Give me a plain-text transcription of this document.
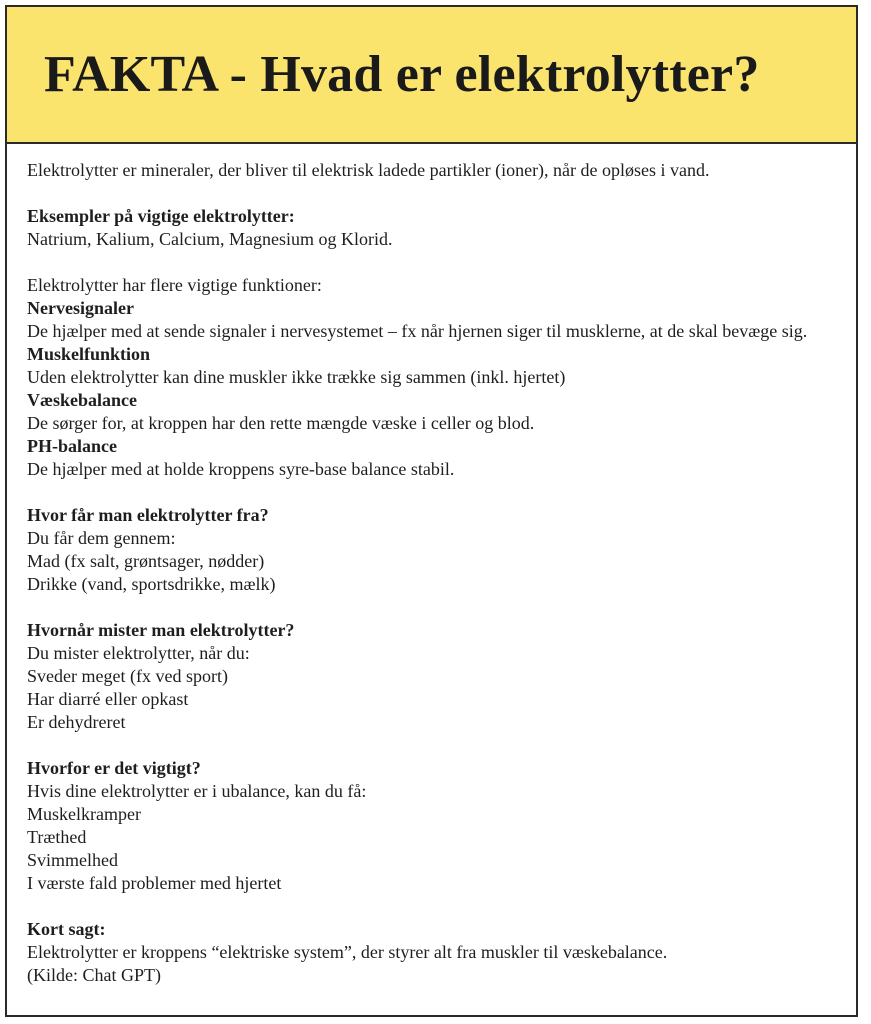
FAKTA - Hvad er elektrolytter?

Elektrolytter er mineraler, der bliver til elektrisk ladede partikler (ioner), når de opløses i vand.

Eksempler på vigtige elektrolytter:

Natrium, Kalium, Calcium, Magnesium og Klorid.

Elektrolytter har flere vigtige funktioner:

Nervesignaler

De hjælper med at sende signaler i nervesystemet – fx når hjernen siger til musklerne, at de skal bevæge sig.

Muskelfunktion

Uden elektrolytter kan dine muskler ikke trække sig sammen (inkl. hjertet)

Væskebalance

De sørger for, at kroppen har den rette mængde væske i celler og blod.

PH-balance

De hjælper med at holde kroppens syre-base balance stabil.

Hvor får man elektrolytter fra?

Du får dem gennem:

Mad (fx salt, grøntsager, nødder)

Drikke (vand, sportsdrikke, mælk)

Hvornår mister man elektrolytter?

Du mister elektrolytter, når du:

Sveder meget (fx ved sport)

Har diarré eller opkast

Er dehydreret

Hvorfor er det vigtigt?

Hvis dine elektrolytter er i ubalance, kan du få:

Muskelkramper

Træthed

Svimmelhed

I værste fald problemer med hjertet

Kort sagt:

Elektrolytter er kroppens “elektriske system”, der styrer alt fra muskler til væskebalance.

(Kilde: Chat GPT)
